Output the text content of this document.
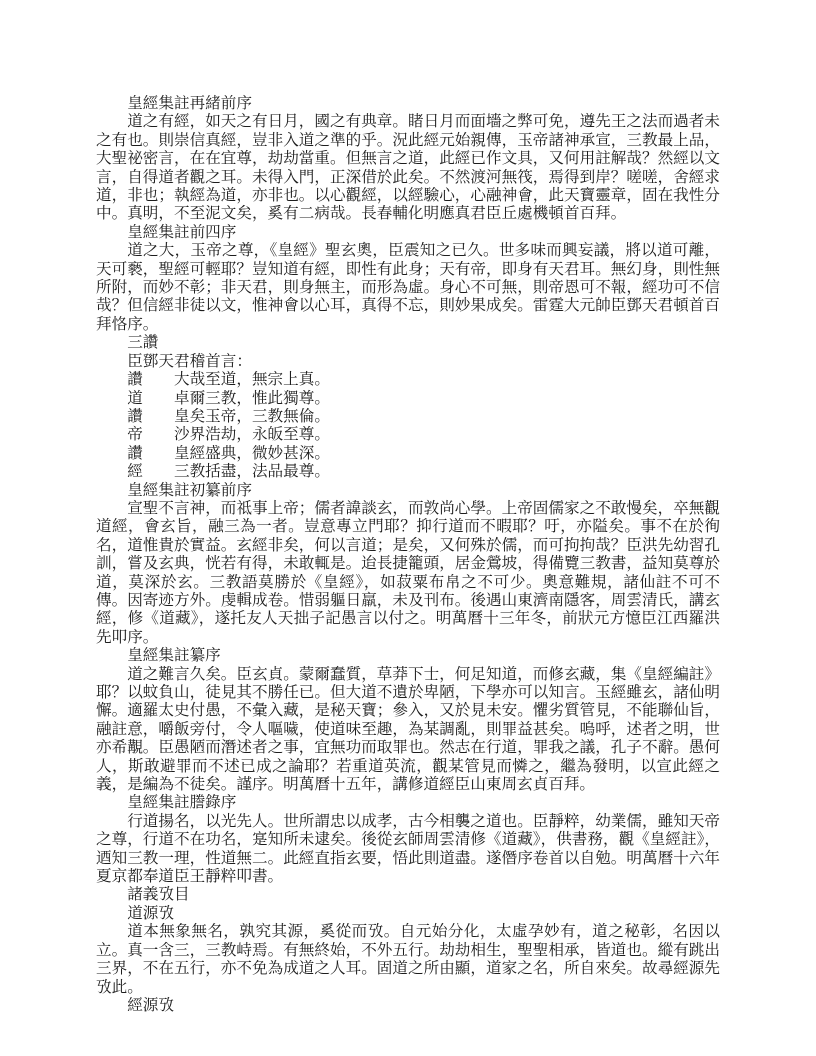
皇經集註再緒前序
道之有經，如天之有日月，國之有典章。睹日月而面墻之弊可免，遵先王之法而過者未之有也。則崇信真經，豈非入道之準的乎。況此經元始親傳，玉帝諸神承宣，三教最上品，大聖祕密言，在在宜尊，劫劫當重。但無言之道，此經已作文具，又何用註解哉？然經以文言，自得道者觀之耳。未得入門，正深借於此矣。不然渡河無筏，焉得到岸？嗟嗟，舍經求道，非也；執經為道，亦非也。以心觀經，以經驗心，心融神會，此天寶靈章，固在我性分中。真明，不至泥文矣，奚有二病哉。長春輔化明應真君臣丘處機頓首百拜。
皇經集註前四序
道之大，玉帝之尊，《皇經》聖玄奧，臣震知之已久。世多味而興妄議，將以道可離，天可褻，聖經可輕耶？豈知道有經，即性有此身；天有帝，即身有天君耳。無幻身，則性無所附，而妙不彰；非天君，則身無主，而形為虛。身心不可無，則帝恩可不報，經功可不信哉？但信經非徒以文，惟神會以心耳，真得不忘，則妙果成矣。雷霆大元帥臣鄧天君頓首百拜恪序。
三讚
臣鄧天君稽首言：
讚 大哉至道，無宗上真。
道 卓爾三教，惟此獨尊。
讚 皇矣玉帝，三教無倫。
帝 沙界浩劫，永皈至尊。
讚 皇經盛典，微妙甚深。
經 三教括盡，法品最尊。
皇經集註初纂前序
宣聖不言神，而祗事上帝；儒者諱談玄，而敦尚心學。上帝固儒家之不敢慢矣，卒無觀道經，會玄旨，融三為一者。豈意專立門耶？抑行道而不暇耶？吁，亦隘矣。事不在於徇名，道惟貴於實益。玄經非矣，何以言道；是矣，又何殊於儒，而可拘拘哉？臣洪先幼習孔訓，嘗及玄典，恍若有得，未敢輒是。迨長捷籠頭，居金鶯坡，得備覽三教書，益知莫尊於道，莫深於玄。三教語莫勝於《皇經》，如菽粟布帛之不可少。奧意難規，諸仙註不可不傳。因寄迹方外。虔輯成卷。惜弱軀日羸，未及刊布。後遇山東濟南隱客，周雲清氏，講玄經，修《道藏》，遂托友人天拙子記愚言以付之。明萬曆十三年冬，前狀元方憶臣江西羅洪先叩序。
皇經集註纂序
道之難言久矣。臣玄貞。蒙爾蠢質，草莽下士，何足知道，而修玄藏，集《皇經編註》耶？以蚊負山，徒見其不勝任已。但大道不遺於卑陋，下學亦可以知言。玉經雖玄，諸仙明懈。適羅太史付愚，不彙入藏，是秘天寶；參入，又於見未安。懼劣質管見，不能聯仙旨，融註意，嚼飯旁付，令人嘔噦，使道味至趣，為某調亂，則罪益甚矣。嗚呼，述者之明，世亦希覯。臣愚陋而潛述者之事，宜無功而取罪也。然志在行道，罪我之議，孔子不辭。愚何人，斯敢避罪而不述已成之論耶？若重道英流，觀某管見而憐之，繼為發明，以宣此經之義，是編為不徒矣。謹序。明萬曆十五年，講修道經臣山東周玄貞百拜。
皇經集註謄錄序
行道揚名，以光先人。世所謂忠以成孝，古今相襲之道也。臣靜粹，幼業儒，雖知天帝之尊，行道不在功名，寔知所未逮矣。後從玄師周雲清修《道藏》，供書務，觀《皇經註》，迺知三教一理，性道無二。此經直指玄要，悟此則道盡。遂僭序卷首以自勉。明萬曆十六年夏京都奉道臣王靜粹叩書。
諸義攷目
道源攷
道本無象無名，孰究其源，奚從而攷。自元始分化，太虛孕妙有，道之秘彰，名因以立。真一含三，三教峙焉。有無終始，不外五行。劫劫相生，聖聖相承，皆道也。縱有跳出三界，不在五行，亦不免為成道之人耳。固道之所由顯，道家之名，所自來矣。故尋經源先攷此。
經源攷
